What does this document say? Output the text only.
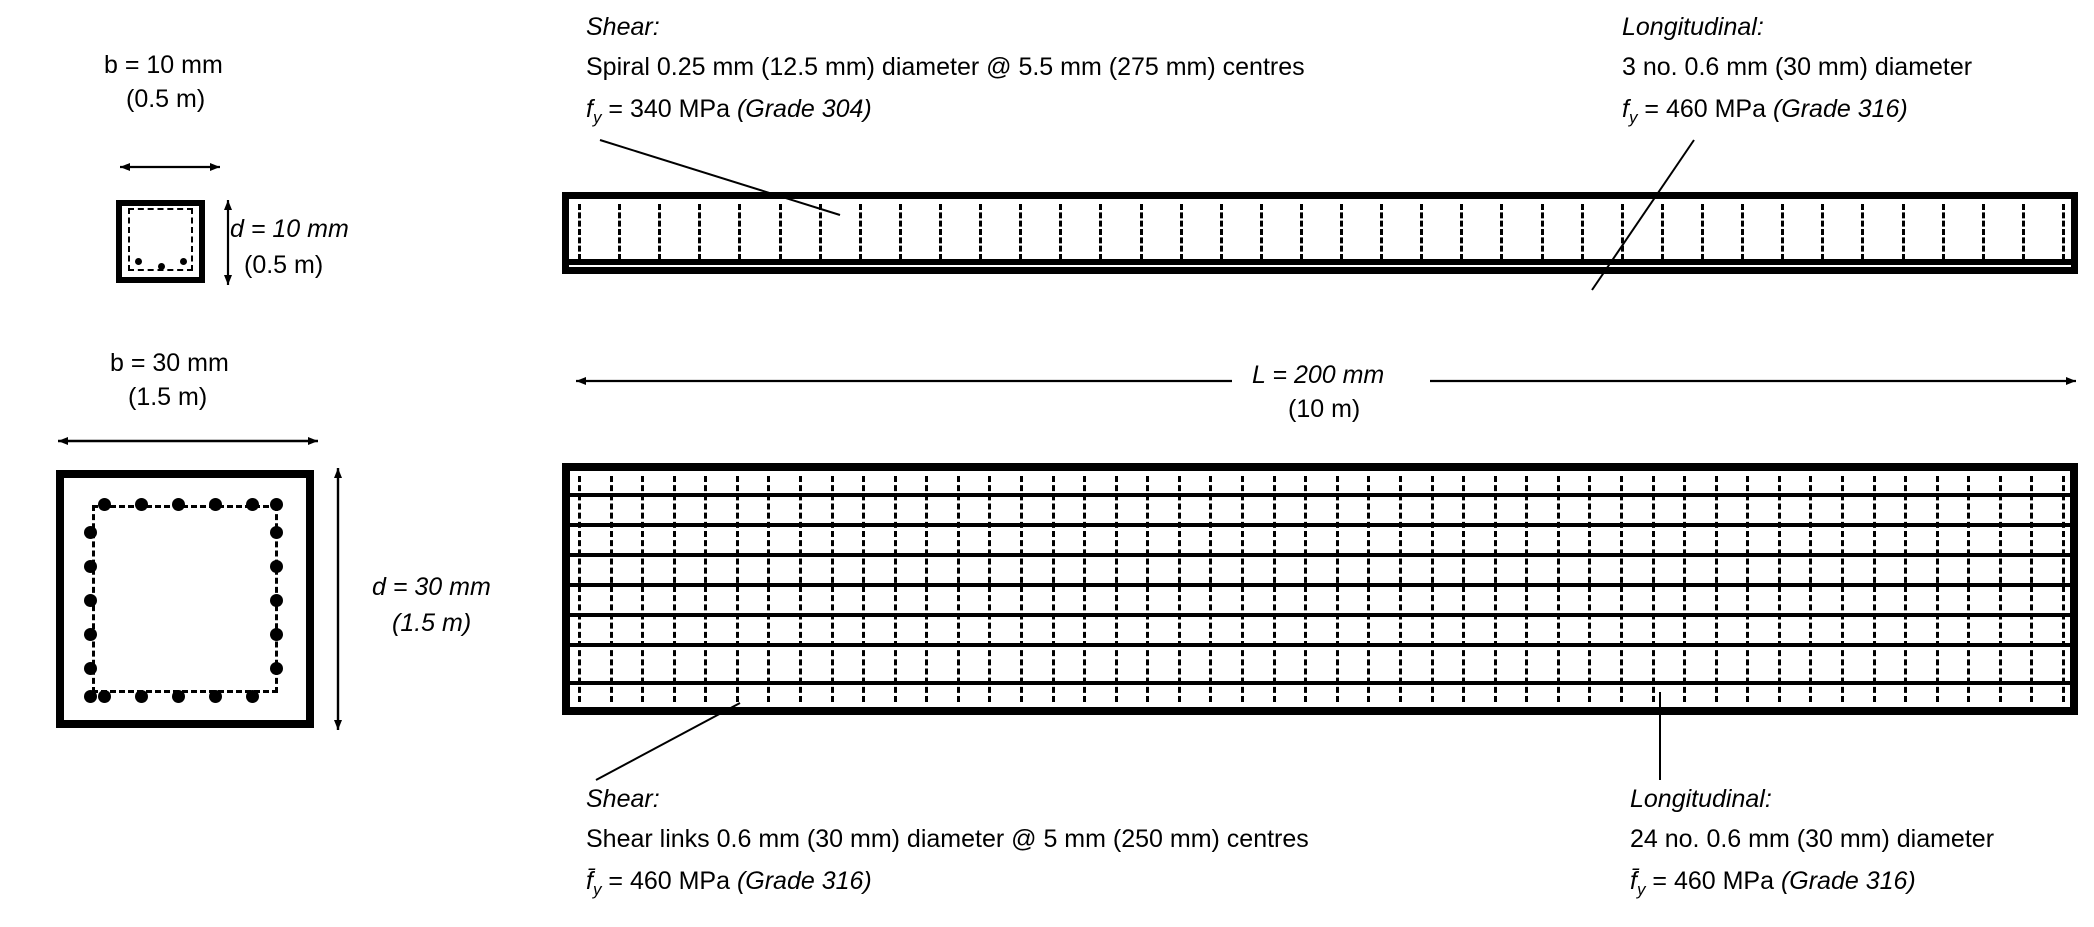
b = 10 mm
(0.5 m)
d = 10 mm
(0.5 m)
b = 30 mm
(1.5 m)
d = 30 mm
(1.5 m)
Shear:
Spiral 0.25 mm (12.5 mm) diameter @ 5.5 mm (275 mm) centres
$f_y = 340$ MPa (Grade 304)
Longitudinal:
3 no. 0.6 mm (30 mm) diameter
$f_y = 460$ MPa (Grade 316)
L = 200 mm
(10 m)
Shear:
Shear links 0.6 mm (30 mm) diameter @ 5 mm (250 mm) centres
$f̄_y = 460$ MPa (Grade 316)
Longitudinal:
24 no. 0.6 mm (30 mm) diameter
$f̄_y = 460$ MPa (Grade 316)
